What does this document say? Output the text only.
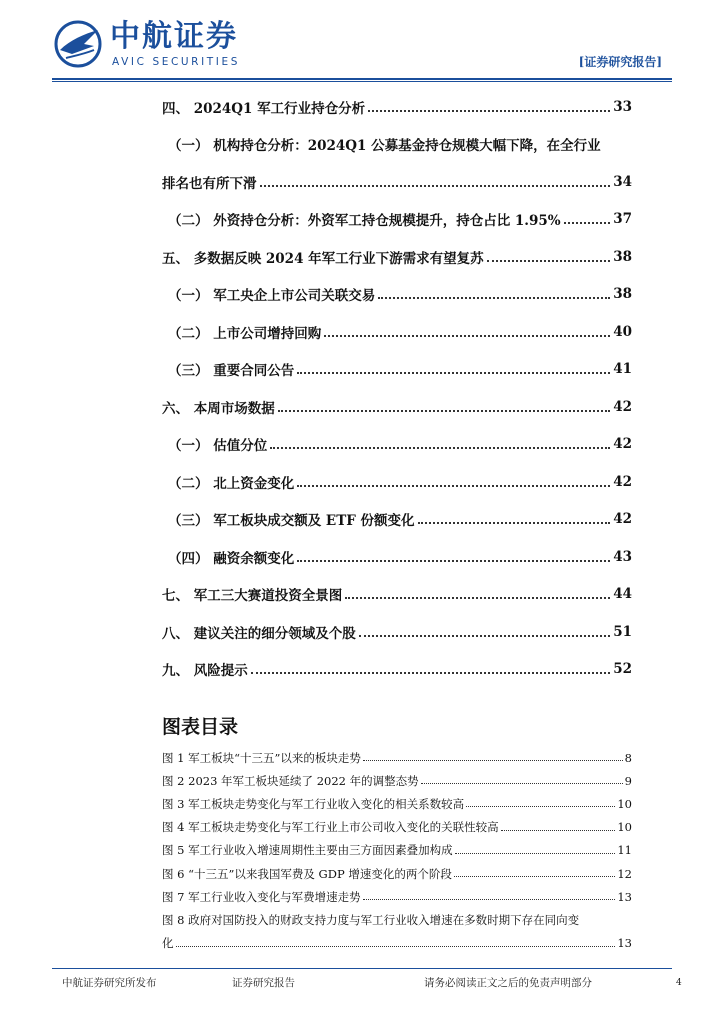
中航证券
AVIC SECURITIES	[证券研究报告]
四、 2024Q1 军工行业持仓分析	33
（一） 机构持仓分析：2024Q1 公募基金持仓规模大幅下降，在全行业
排名也有所下滑	34
（二） 外资持仓分析：外资军工持仓规模提升，持仓占比 1.95%	37
五、 多数据反映 2024 年军工行业下游需求有望复苏	38
（一） 军工央企上市公司关联交易	38
（二） 上市公司增持回购	40
（三） 重要合同公告	41
六、 本周市场数据	42
（一） 估值分位	42
（二） 北上资金变化	42
（三） 军工板块成交额及 ETF 份额变化	42
（四） 融资余额变化	43
七、 军工三大赛道投资全景图	44
八、 建议关注的细分领域及个股	51
九、 风险提示	52
图表目录
图 1 军工板块“十三五”以来的板块走势	8
图 2 2023 年军工板块延续了 2022 年的调整态势	9
图 3 军工板块走势变化与军工行业收入变化的相关系数较高	10
图 4 军工板块走势变化与军工行业上市公司收入变化的关联性较高	10
图 5 军工行业收入增速周期性主要由三方面因素叠加构成	11
图 6 “十三五”以来我国军费及 GDP 增速变化的两个阶段	12
图 7 军工行业收入变化与军费增速走势	13
图 8 政府对国防投入的财政支持力度与军工行业收入增速在多数时期下存在同向变
化	13
中航证券研究所发布	证券研究报告	请务必阅读正文之后的免责声明部分	4
